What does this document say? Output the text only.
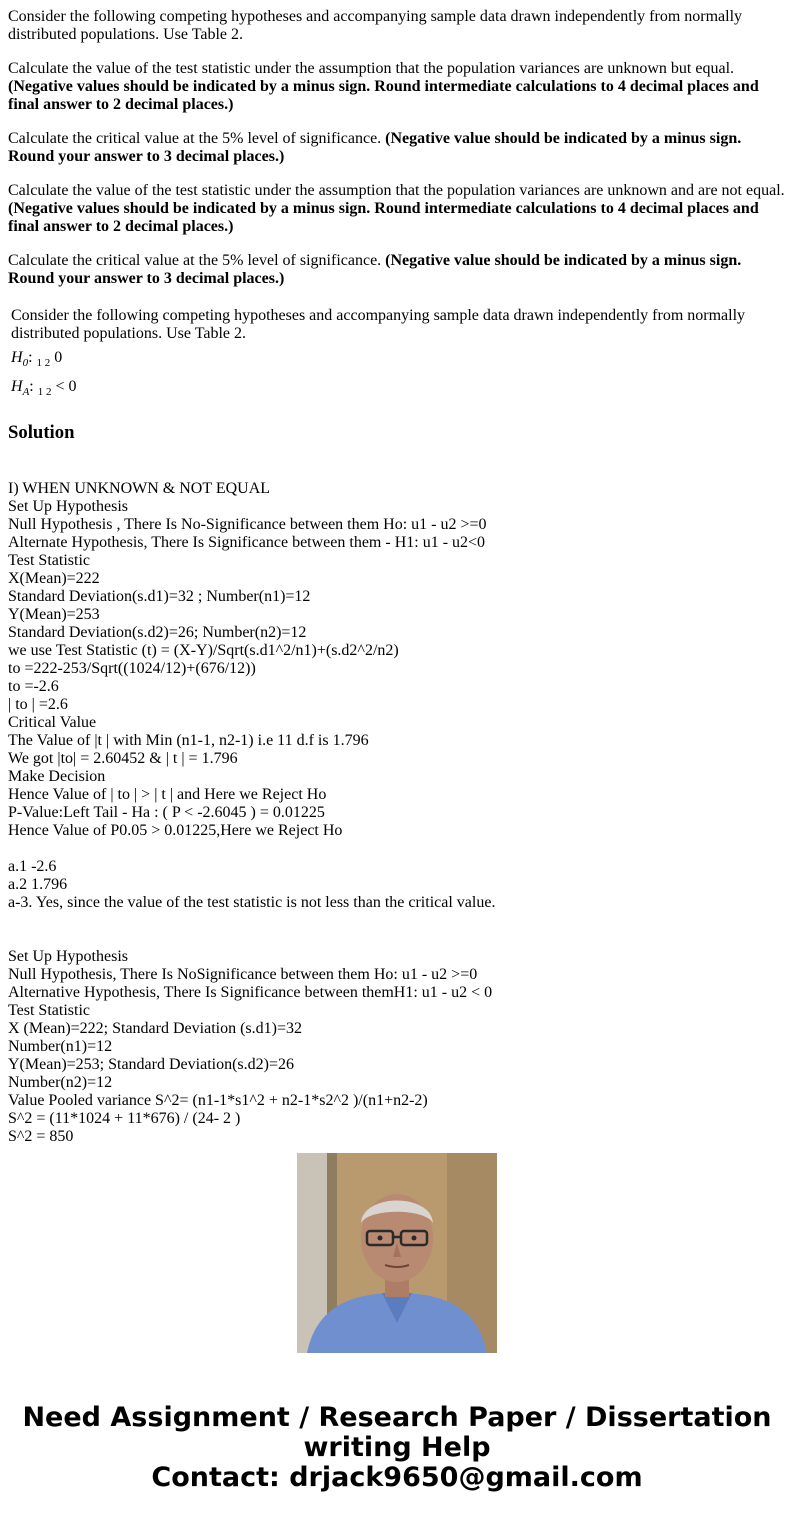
Consider the following competing hypotheses and accompanying sample data drawn independently from normally distributed populations. Use Table 2.

Calculate the value of the test statistic under the assumption that the population variances are unknown but equal.
(Negative values should be indicated by a minus sign. Round intermediate calculations to 4 decimal places and final answer to 2 decimal places.)

Calculate the critical value at the 5% level of significance. (Negative value should be indicated by a minus sign. Round your answer to 3 decimal places.)

Calculate the value of the test statistic under the assumption that the population variances are unknown and are not equal.
(Negative values should be indicated by a minus sign. Round intermediate calculations to 4 decimal places and final answer to 2 decimal places.)

Calculate the critical value at the 5% level of significance. (Negative value should be indicated by a minus sign. Round your answer to 3 decimal places.)

Consider the following competing hypotheses and accompanying sample data drawn independently from normally distributed populations. Use Table 2.
$H_0$: $_{1 2}$ 0
$H_A$: $_{1 2}$ < 0
Solution
I) WHEN UNKNOWN & NOT EQUAL
Set Up Hypothesis
Null Hypothesis , There Is No-Significance between them Ho: u1 - u2 >=0
Alternate Hypothesis, There Is Significance between them - H1: u1 - u2<0
Test Statistic
X(Mean)=222
Standard Deviation(s.d1)=32 ; Number(n1)=12
Y(Mean)=253
Standard Deviation(s.d2)=26; Number(n2)=12
we use Test Statistic (t) = (X-Y)/Sqrt(s.d1^2/n1)+(s.d2^2/n2)
to =222-253/Sqrt((1024/12)+(676/12))
to =-2.6
| to | =2.6
Critical Value
The Value of |t | with Min (n1-1, n2-1) i.e 11 d.f is 1.796
We got |to| = 2.60452 & | t | = 1.796
Make Decision
Hence Value of | to | > | t | and Here we Reject Ho
P-Value:Left Tail - Ha : ( P < -2.6045 ) = 0.01225
Hence Value of P0.05 > 0.01225,Here we Reject Ho
a.1 -2.6
a.2 1.796
a-3. Yes, since the value of the test statistic is not less than the critical value.
Set Up Hypothesis
Null Hypothesis, There Is NoSignificance between them Ho: u1 - u2 >=0
Alternative Hypothesis, There Is Significance between themH1: u1 - u2 < 0
Test Statistic
X (Mean)=222; Standard Deviation (s.d1)=32
Number(n1)=12
Y(Mean)=253; Standard Deviation(s.d2)=26
Number(n2)=12
Value Pooled variance S^2= (n1-1*s1^2 + n2-1*s2^2 )/(n1+n2-2)
S^2 = (11*1024 + 11*676) / (24- 2 )
S^2 = 850
Need Assignment / Research Paper / Dissertation
writing Help
Contact: drjack9650@gmail.com
